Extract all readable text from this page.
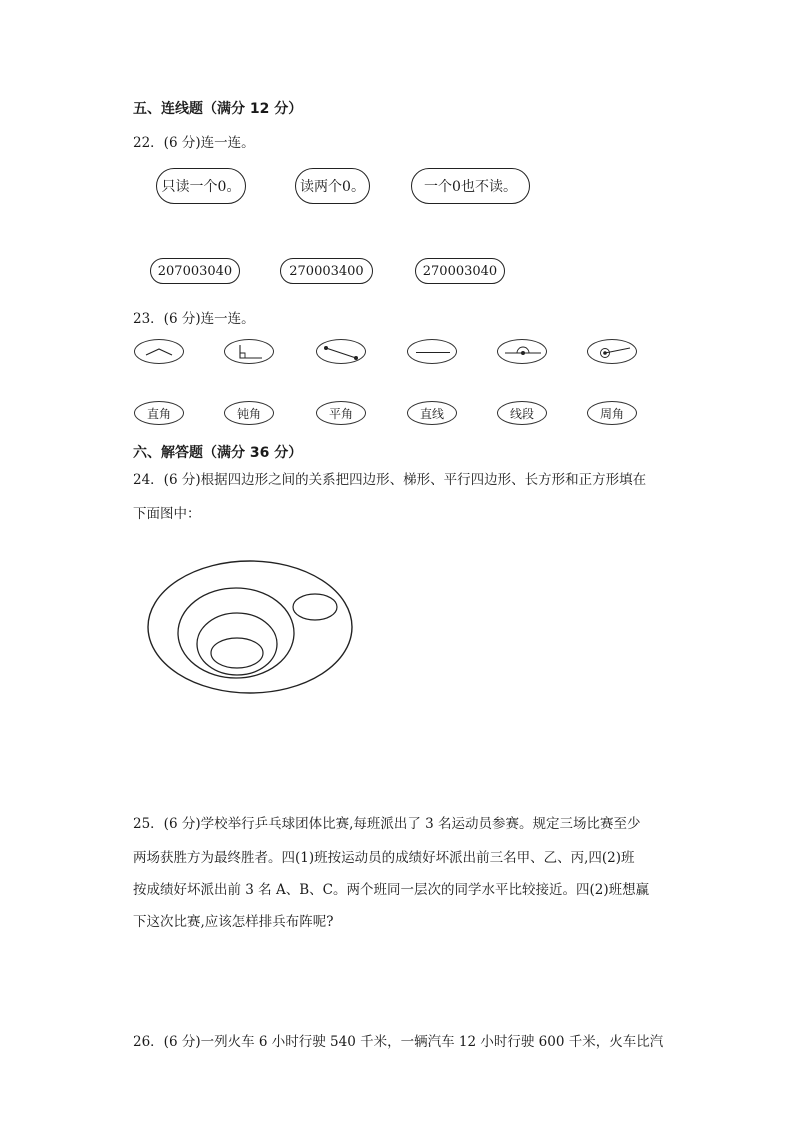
五、连线题（满分 12 分）
22．(6 分)连一连。
只读一个0。	读两个0。	一个0也不读。
207003040	270003400	270003040
23．(6 分)连一连。
直角	钝角	平角	直线	线段	周角
六、解答题（满分 36 分）
24．(6 分)根据四边形之间的关系把四边形、梯形、平行四边形、长方形和正方形填在
下面图中：
25．(6 分)学校举行乒乓球团体比赛,每班派出了 3 名运动员参赛。规定三场比赛至少
两场获胜方为最终胜者。四(1)班按运动员的成绩好坏派出前三名甲、乙、丙,四(2)班
按成绩好坏派出前 3 名 A、B、C。两个班同一层次的同学水平比较接近。四(2)班想赢
下这次比赛,应该怎样排兵布阵呢?
26．(6 分)一列火车 6 小时行驶 540 千米，一辆汽车 12 小时行驶 600 千米，火车比汽
